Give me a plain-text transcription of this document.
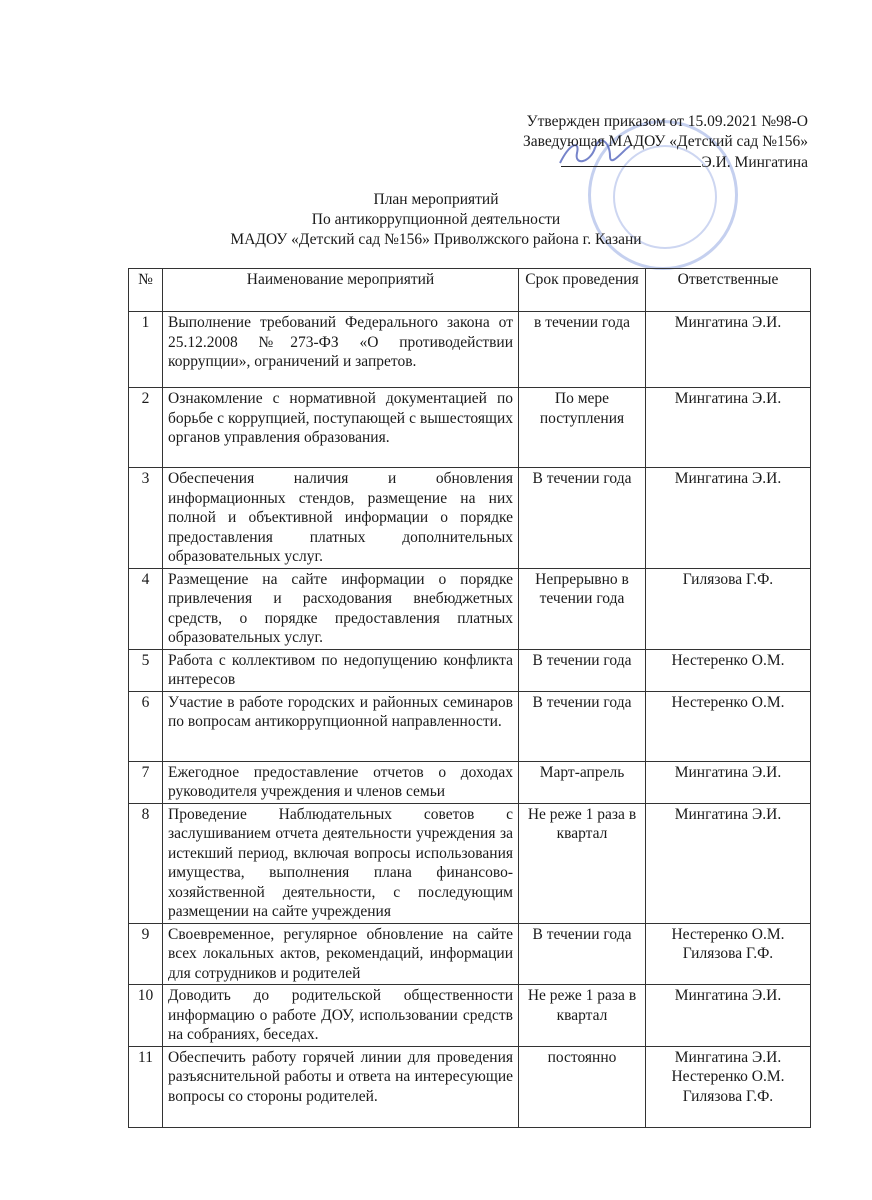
Утвержден приказом от 15.09.2021 №98-О
Заведующая МАДОУ «Детский сад №156»
Э.И. Мингатина
План мероприятий
По антикоррупционной деятельности
МАДОУ «Детский сад №156» Приволжского района г. Казани
№	Наименование мероприятий	Срок проведения	Ответственные
1	Выполнение требований Федерального закона от 25.12.2008 №273-ФЗ «О противодействии коррупции», ограничений и запретов.	в течении года	Мингатина Э.И.
2	Ознакомление с нормативной документацией по борьбе с коррупцией, поступающей с вышестоящих органов управления образования.	По мере поступления	Мингатина Э.И.
3	Обеспечения наличия и обновления информационных стендов, размещение на них полной и объективной информации о порядке предоставления платных дополнительных образовательных услуг.	В течении года	Мингатина Э.И.
4	Размещение на сайте информации о порядке привлечения и расходования внебюджетных средств, о порядке предоставления платных образовательных услуг.	Непрерывно в течении года	Гилязова Г.Ф.
5	Работа с коллективом по недопущению конфликта интересов	В течении года	Нестеренко О.М.
6	Участие в работе городских и районных семинаров по вопросам антикоррупционной направленности.	В течении года	Нестеренко О.М.
7	Ежегодное предоставление отчетов о доходах руководителя учреждения и членов семьи	Март-апрель	Мингатина Э.И.
8	Проведение Наблюдательных советов с заслушиванием отчета деятельности учреждения за истекший период, включая вопросы использования имущества, выполнения плана финансово-хозяйственной деятельности, с последующим размещении на сайте учреждения	Не реже 1 раза в квартал	Мингатина Э.И.
9	Своевременное, регулярное обновление на сайте всех локальных актов, рекомендаций, информации для сотрудников и родителей	В течении года	Нестеренко О.М. Гилязова Г.Ф.
10	Доводить до родительской общественности информацию о работе ДОУ, использовании средств на собраниях, беседах.	Не реже 1 раза в квартал	Мингатина Э.И.
11	Обеспечить работу горячей линии для проведения разъяснительной работы и ответа на интересующие вопросы со стороны родителей.	постоянно	Мингатина Э.И. Нестеренко О.М. Гилязова Г.Ф.
